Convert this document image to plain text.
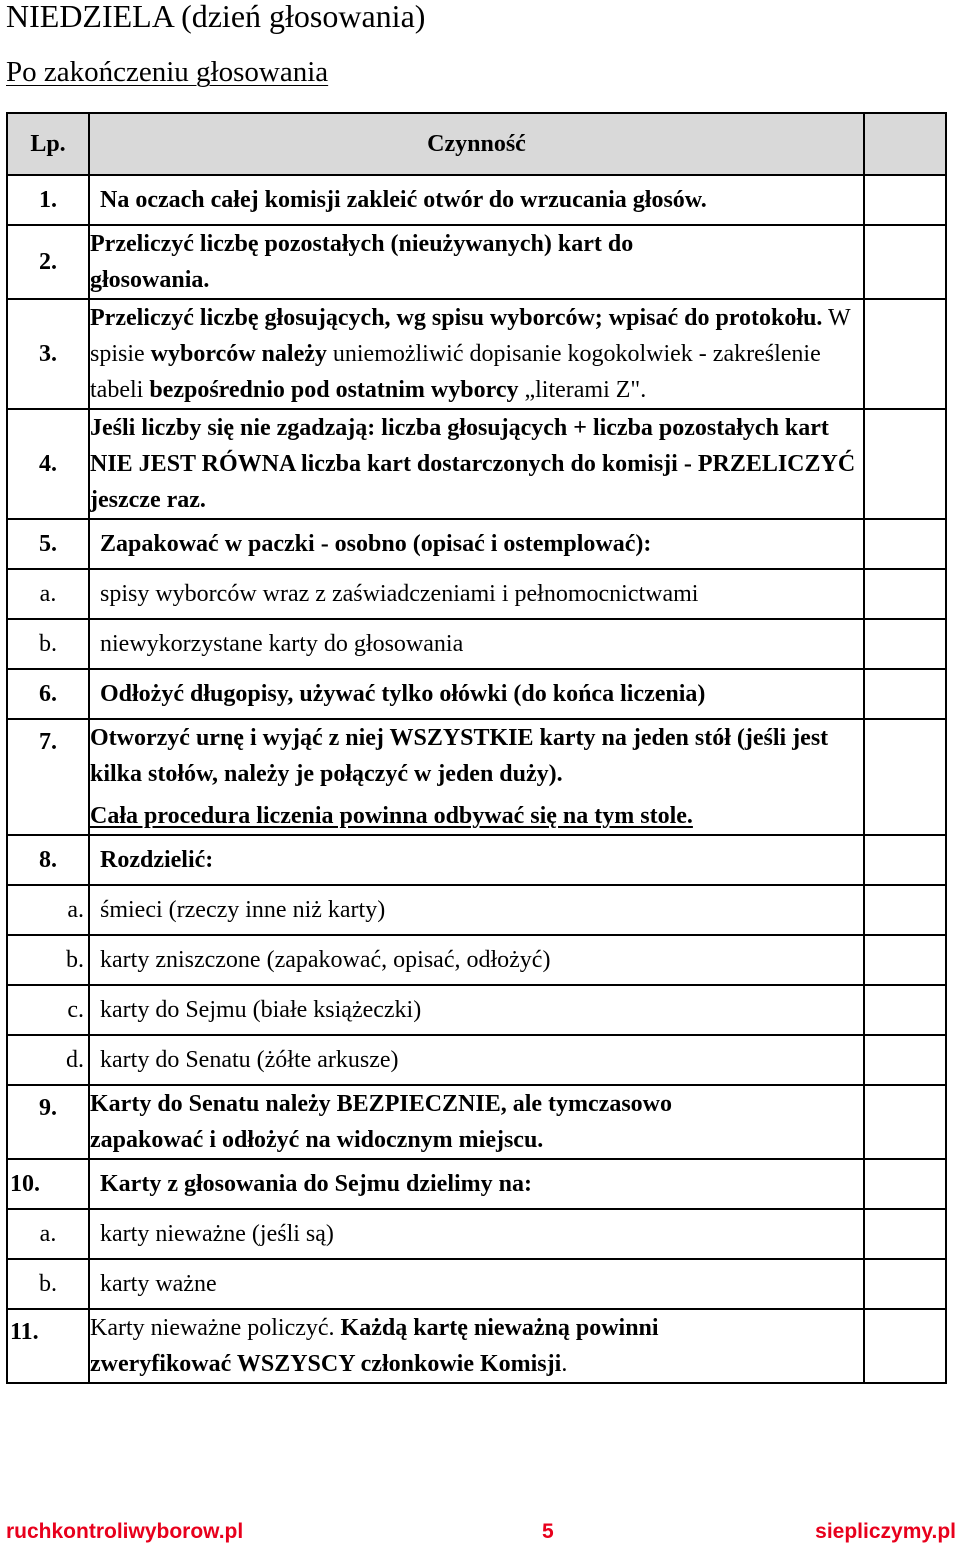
NIEDZIELA (dzień głosowania)
Po zakończeniu głosowania
Lp.	Czynność	
1.	Na oczach całej komisji zakleić otwór do wrzucania głosów.	
2.	Przeliczyć liczbę pozostałych (nieużywanych) kart do głosowania.	
3.	Przeliczyć liczbę głosujących, wg spisu wyborców; wpisać do protokołu. W spisie wyborców należy uniemożliwić dopisanie kogokolwiek - zakreślenie tabeli bezpośrednio pod ostatnim wyborcy „literami Z".	
4.	Jeśli liczby się nie zgadzają: liczba głosujących + liczba pozostałych kart NIE JEST RÓWNA liczba kart dostarczonych do komisji - PRZELICZYĆ jeszcze raz.	
5.	Zapakować w paczki - osobno (opisać i ostemplować):	
a.	spisy wyborców wraz z zaświadczeniami i pełnomocnictwami	
b.	niewykorzystane karty do głosowania	
6.	Odłożyć długopisy, używać tylko ołówki (do końca liczenia)	
7.	Otworzyć urnę i wyjąć z niej WSZYSTKIE karty na jeden stół (jeśli jest kilka stołów, należy je połączyć w jeden duży).
Cała procedura liczenia powinna odbywać się na tym stole.	
8.	Rozdzielić:	
a.	śmieci (rzeczy inne niż karty)	
b.	karty zniszczone (zapakować, opisać, odłożyć)	
c.	karty do Sejmu (białe książeczki)	
d.	karty do Senatu (żółte arkusze)	
9.	Karty do Senatu należy BEZPIECZNIE, ale tymczasowo zapakować i odłożyć na widocznym miejscu.	
10.	Karty z głosowania do Sejmu dzielimy na:	
a.	karty nieważne (jeśli są)	
b.	karty ważne	
11.	Karty nieważne policzyć. Każdą kartę nieważną powinni zweryfikować WSZYSCY członkowie Komisji.	
ruchkontroliwyborow.pl	5	siepliczymy.pl
